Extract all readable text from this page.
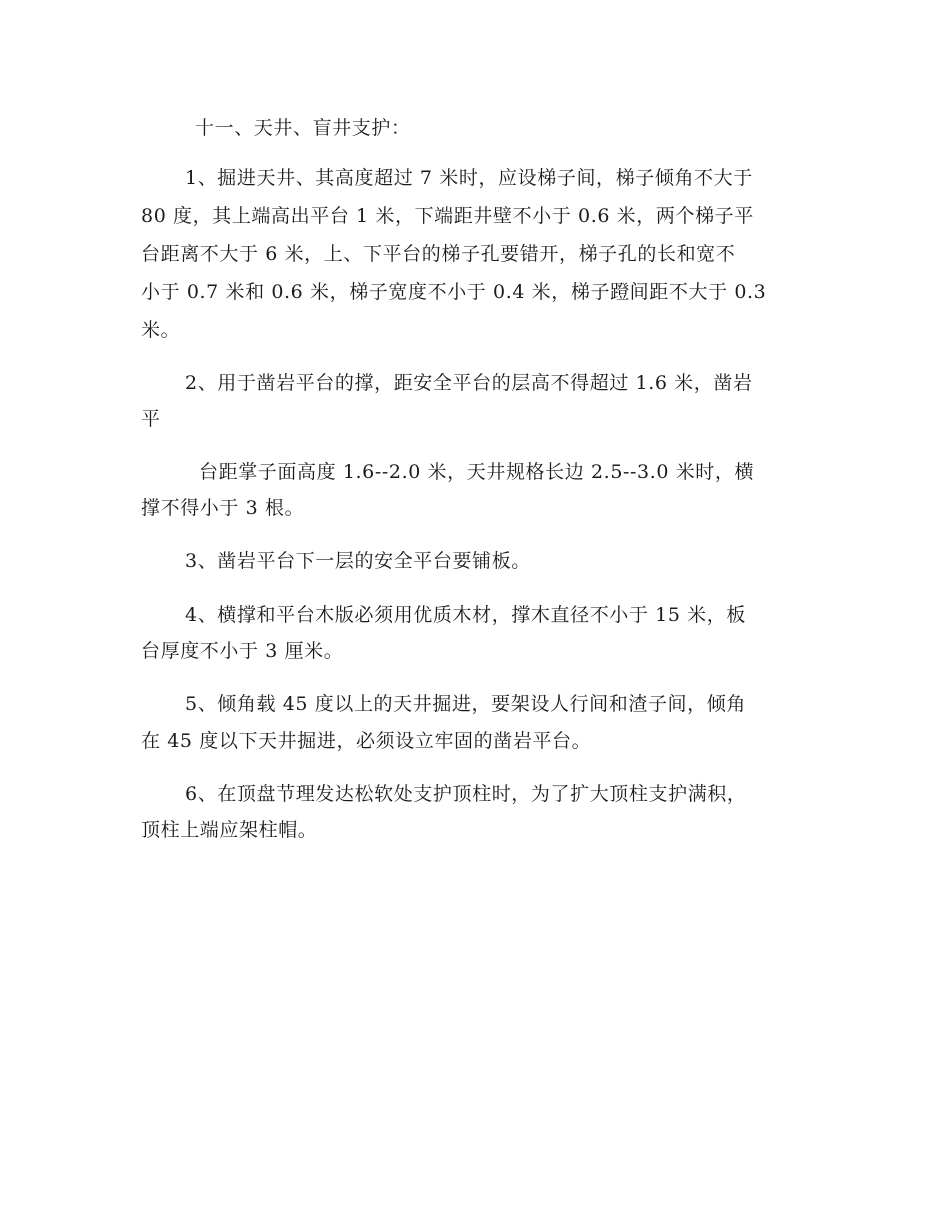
十一、天井、盲井支护：
1、掘进天井、其高度超过 7 米时，应设梯子间，梯子倾角不大于
80 度，其上端高出平台 1 米，下端距井壁不小于 0.6 米，两个梯子平
台距离不大于 6 米，上、下平台的梯子孔要错开，梯子孔的长和宽不
小于 0.7 米和 0.6 米，梯子宽度不小于 0.4 米，梯子蹬间距不大于 0.3
米。
2、用于凿岩平台的撑，距安全平台的层高不得超过 1.6 米，凿岩
平
台距掌子面高度 1.6--2.0 米，天井规格长边 2.5--3.0 米时，横
撑不得小于 3 根。
3、凿岩平台下一层的安全平台要铺板。
4、横撑和平台木版必须用优质木材，撑木直径不小于 15 米，板
台厚度不小于 3 厘米。
5、倾角载 45 度以上的天井掘进，要架设人行间和渣子间，倾角
在 45 度以下天井掘进，必须设立牢固的凿岩平台。
6、在顶盘节理发达松软处支护顶柱时，为了扩大顶柱支护满积，
顶柱上端应架柱帽。
